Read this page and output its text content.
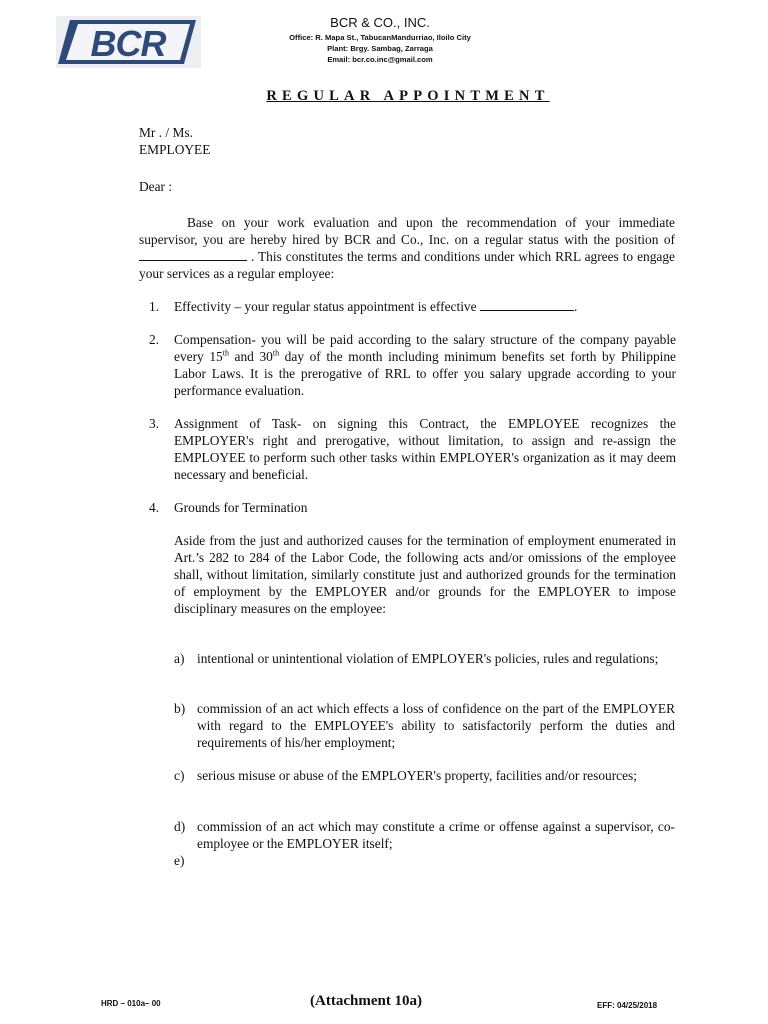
BCR
BCR & CO., INC.
Office: R. Mapa St., TabucanMandurriao, Iloilo City
Plant: Brgy. Sambag, Zarraga
Email: bcr.co.inc@gmail.com
REGULAR APPOINTMENT
Mr . / Ms.
EMPLOYEE
Dear :
Base on your work evaluation and upon the recommendation of your immediate supervisor, you are hereby hired by BCR and Co., Inc. on a regular status with the position of  . This constitutes the terms and conditions under which RRL agrees to engage your services as a regular employee:
1. Effectivity – your regular status appointment is effective	.
2. Compensation- you will be paid according to the salary structure of the company payable every 15th and 30th day of the month including minimum benefits set forth by Philippine Labor Laws. It is the prerogative of RRL to offer you salary upgrade according to your performance evaluation.
3. Assignment of Task- on signing this Contract, the EMPLOYEE recognizes the EMPLOYER's right and prerogative, without limitation, to assign and re-assign the EMPLOYEE to perform such other tasks within EMPLOYER's organization as it may deem necessary and beneficial.
4. Grounds for Termination
Aside from the just and authorized causes for the termination of employment enumerated in Art.’s 282 to 284 of the Labor Code, the following acts and/or omissions of the employee shall, without limitation, similarly constitute just and authorized grounds for the termination of employment by the EMPLOYER and/or grounds for the EMPLOYER to impose disciplinary measures on the employee:
a) intentional or unintentional violation of EMPLOYER's policies, rules and regulations;
b) commission of an act which effects a loss of confidence on the part of the EMPLOYER with regard to the EMPLOYEE's ability to satisfactorily perform the duties and requirements of his/her employment;
c) serious misuse or abuse of the EMPLOYER's property, facilities and/or resources;
d) commission of an act which may constitute a crime or offense against a supervisor, co-employee or the EMPLOYER itself;
e)
HRD – 010a– 00	(Attachment 10a)	EFF: 04/25/2018
